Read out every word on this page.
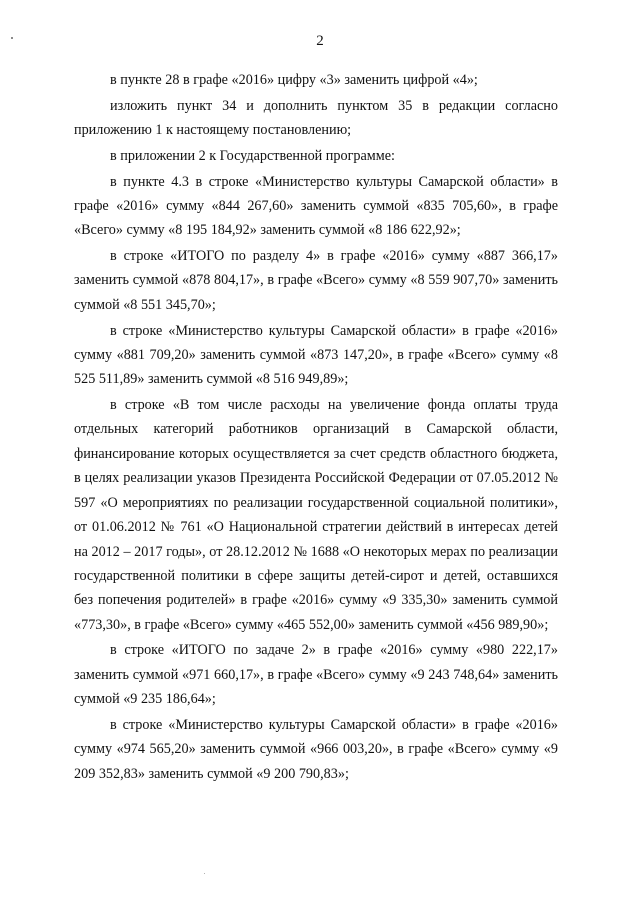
2

в пункте 28 в графе «2016» цифру «3» заменить цифрой «4»;

изложить пункт 34 и дополнить пунктом 35 в редакции согласно приложению 1 к настоящему постановлению;

в приложении 2 к Государственной программе:

в пункте 4.3 в строке «Министерство культуры Самарской области» в графе «2016» сумму «844 267,60» заменить суммой «835 705,60», в графе «Всего» сумму «8 195 184,92» заменить суммой «8 186 622,92»;

в строке «ИТОГО по разделу 4» в графе «2016» сумму «887 366,17» заменить суммой «878 804,17», в графе «Всего» сумму «8 559 907,70» заменить суммой «8 551 345,70»;

в строке «Министерство культуры Самарской области» в графе «2016» сумму «881 709,20» заменить суммой «873 147,20», в графе «Всего» сумму «8 525 511,89» заменить суммой «8 516 949,89»;

в строке «В том числе расходы на увеличение фонда оплаты труда отдельных категорий работников организаций в Самарской области, финансирование которых осуществляется за счет средств областного бюджета, в целях реализации указов Президента Российской Федерации от 07.05.2012 № 597 «О мероприятиях по реализации государственной социальной политики», от 01.06.2012 № 761 «О Национальной стратегии действий в интересах детей на 2012 – 2017 годы», от 28.12.2012 № 1688 «О некоторых мерах по реализации государственной политики в сфере защиты детей-сирот и детей, оставшихся без попечения родителей» в графе «2016» сумму «9 335,30» заменить суммой «773,30», в графе «Всего» сумму «465 552,00» заменить суммой «456 989,90»;

в строке «ИТОГО по задаче 2» в графе «2016» сумму «980 222,17» заменить суммой «971 660,17», в графе «Всего» сумму «9 243 748,64» заменить суммой «9 235 186,64»;

в строке «Министерство культуры Самарской области» в графе «2016» сумму «974 565,20» заменить суммой «966 003,20», в графе «Всего» сумму «9 209 352,83» заменить суммой «9 200 790,83»;
